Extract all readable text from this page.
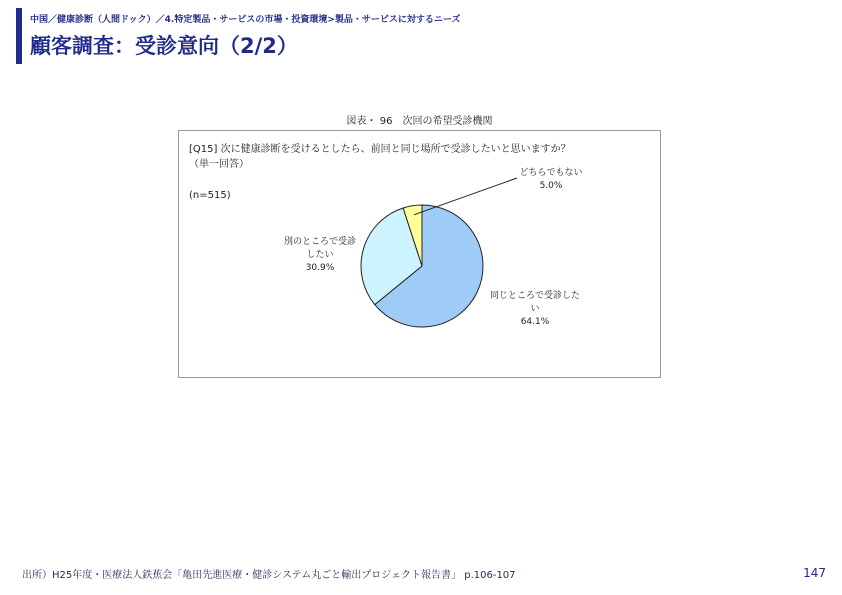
中国／健康診断（人間ドック）／4.特定製品・サービスの市場・投資環境>製品・サービスに対するニーズ
顧客調査：受診意向（2/2）
図表・ 96　次回の希望受診機関
[Q15] 次に健康診断を受けるとしたら、前回と同じ場所で受診したいと思いますか？（単一回答）
(n=515)
同じところで受診したい 64.1%
別のところで受診したい 30.9%
どちらでもない 5.0%
出所）H25年度・医療法人鉄蕉会「亀田先進医療・健診システム丸ごと輸出プロジェクト報告書」 p.106-107	147
